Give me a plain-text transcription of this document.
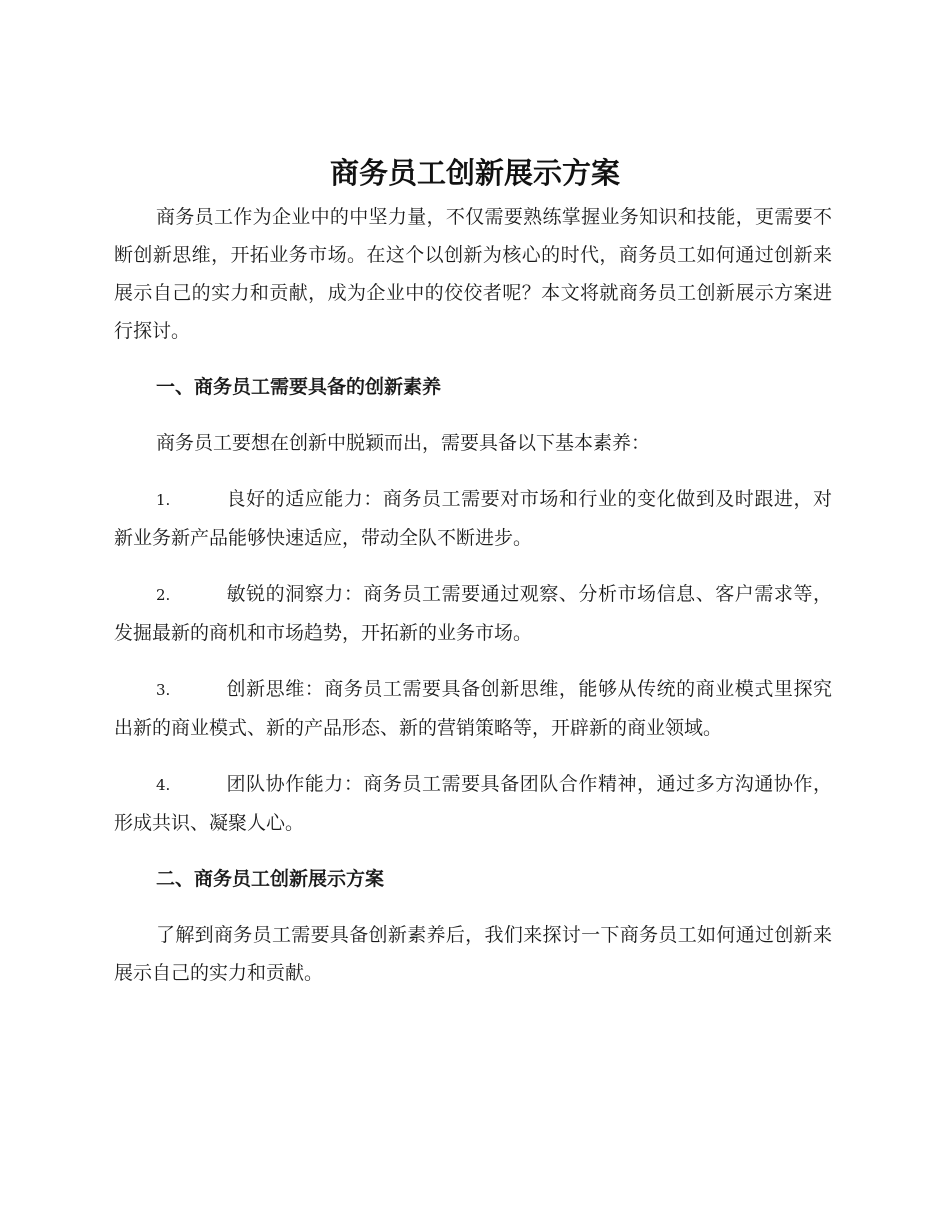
商务员工创新展示方案

商务员工作为企业中的中坚力量，不仅需要熟练掌握业务知识和技能，更需要不断创新思维，开拓业务市场。在这个以创新为核心的时代，商务员工如何通过创新来展示自己的实力和贡献，成为企业中的佼佼者呢？本文将就商务员工创新展示方案进行探讨。

一、商务员工需要具备的创新素养

商务员工要想在创新中脱颖而出，需要具备以下基本素养：

1.	良好的适应能力：商务员工需要对市场和行业的变化做到及时跟进，对新业务新产品能够快速适应，带动全队不断进步。

2.	敏锐的洞察力：商务员工需要通过观察、分析市场信息、客户需求等，发掘最新的商机和市场趋势，开拓新的业务市场。

3.	创新思维：商务员工需要具备创新思维，能够从传统的商业模式里探究出新的商业模式、新的产品形态、新的营销策略等，开辟新的商业领域。

4.	团队协作能力：商务员工需要具备团队合作精神，通过多方沟通协作，形成共识、凝聚人心。

二、商务员工创新展示方案

了解到商务员工需要具备创新素养后，我们来探讨一下商务员工如何通过创新来展示自己的实力和贡献。
